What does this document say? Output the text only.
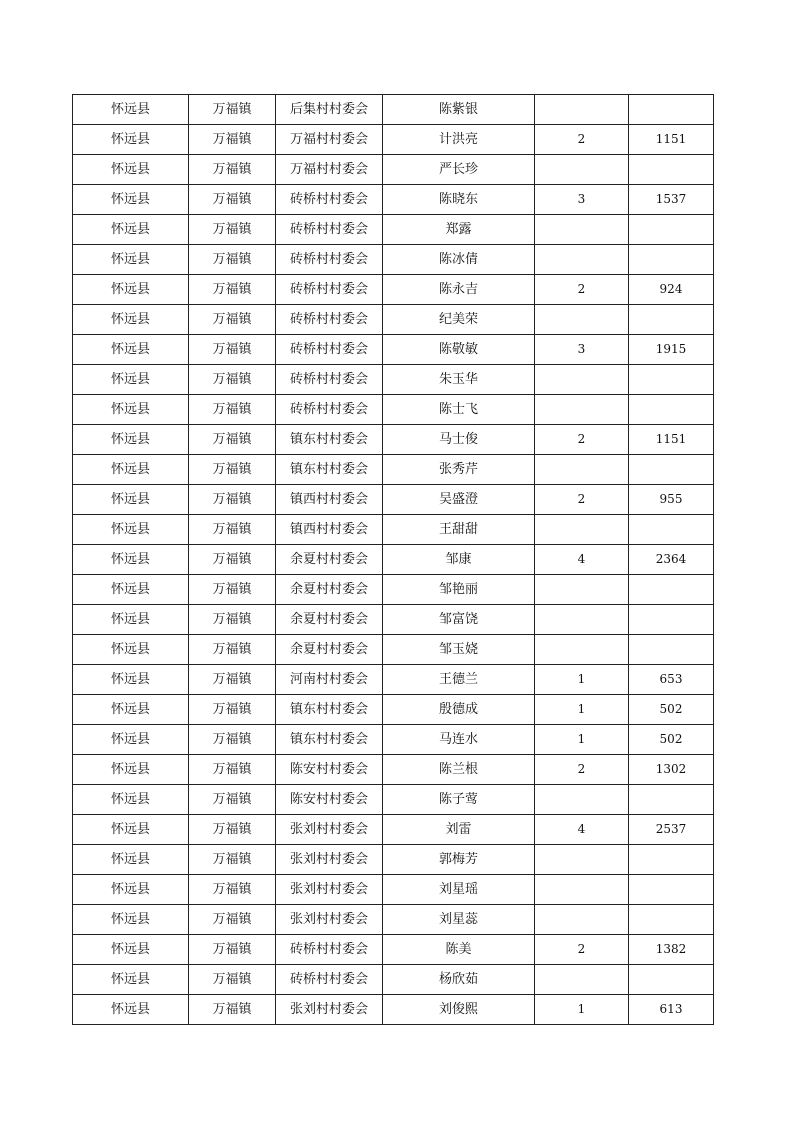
怀远县	万福镇	后集村村委会	陈紫银		
怀远县	万福镇	万福村村委会	计洪亮	2	1151
怀远县	万福镇	万福村村委会	严长珍		
怀远县	万福镇	砖桥村村委会	陈晓东	3	1537
怀远县	万福镇	砖桥村村委会	郑露		
怀远县	万福镇	砖桥村村委会	陈冰倩		
怀远县	万福镇	砖桥村村委会	陈永吉	2	924
怀远县	万福镇	砖桥村村委会	纪美荣		
怀远县	万福镇	砖桥村村委会	陈敬敏	3	1915
怀远县	万福镇	砖桥村村委会	朱玉华		
怀远县	万福镇	砖桥村村委会	陈士飞		
怀远县	万福镇	镇东村村委会	马士俊	2	1151
怀远县	万福镇	镇东村村委会	张秀芹		
怀远县	万福镇	镇西村村委会	吴盛澄	2	955
怀远县	万福镇	镇西村村委会	王甜甜		
怀远县	万福镇	余夏村村委会	邹康	4	2364
怀远县	万福镇	余夏村村委会	邹艳丽		
怀远县	万福镇	余夏村村委会	邹富饶		
怀远县	万福镇	余夏村村委会	邹玉娆		
怀远县	万福镇	河南村村委会	王德兰	1	653
怀远县	万福镇	镇东村村委会	殷德成	1	502
怀远县	万福镇	镇东村村委会	马连水	1	502
怀远县	万福镇	陈安村村委会	陈兰根	2	1302
怀远县	万福镇	陈安村村委会	陈子莺		
怀远县	万福镇	张刘村村委会	刘雷	4	2537
怀远县	万福镇	张刘村村委会	郭梅芳		
怀远县	万福镇	张刘村村委会	刘星瑶		
怀远县	万福镇	张刘村村委会	刘星蕊		
怀远县	万福镇	砖桥村村委会	陈美	2	1382
怀远县	万福镇	砖桥村村委会	杨欣茹		
怀远县	万福镇	张刘村村委会	刘俊熙	1	613
